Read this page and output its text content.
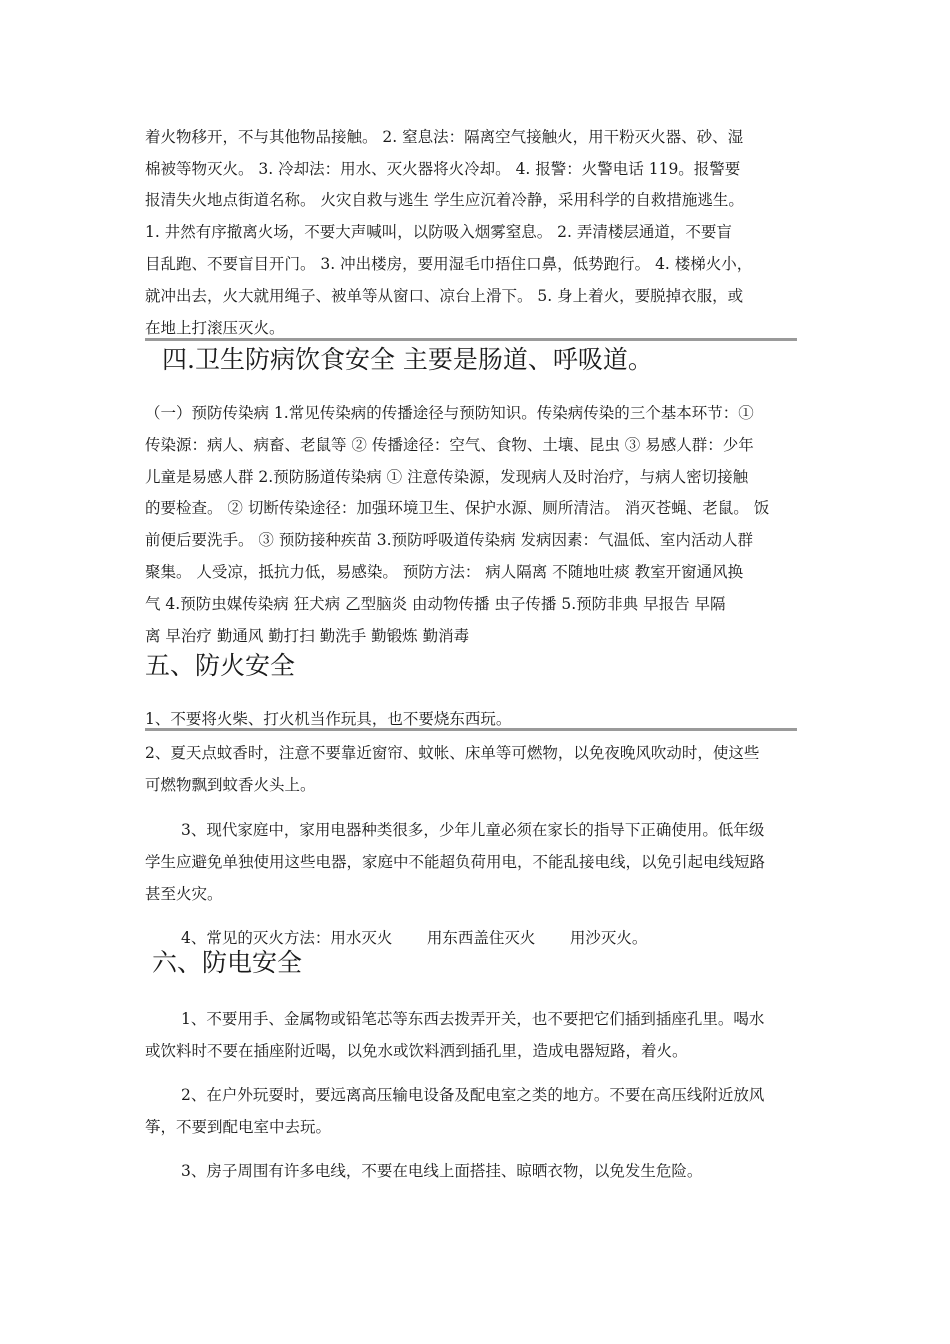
着火物移开，不与其他物品接触。 2. 窒息法：隔离空气接触火，用干粉灭火器、砂、湿
棉被等物灭火。 3. 冷却法：用水、灭火器将火冷却。 4. 报警：火警电话 119。报警要
报清失火地点街道名称。 火灾自救与逃生 学生应沉着冷静，采用科学的自救措施逃生。
1. 井然有序撤离火场，不要大声喊叫，以防吸入烟雾窒息。 2. 弄清楼层通道，不要盲
目乱跑、不要盲目开门。 3. 冲出楼房，要用湿毛巾捂住口鼻，低势跑行。 4. 楼梯火小，
就冲出去，火大就用绳子、被单等从窗口、凉台上滑下。 5. 身上着火，要脱掉衣服，或
在地上打滚压灭火。
四.卫生防病饮食安全 主要是肠道、呼吸道。
（一）预防传染病 1.常见传染病的传播途径与预防知识。传染病传染的三个基本环节：①
传染源：病人、病畜、老鼠等 ② 传播途径：空气、食物、土壤、昆虫 ③ 易感人群：少年
儿童是易感人群 2.预防肠道传染病 ① 注意传染源，发现病人及时治疗，与病人密切接触
的要检查。 ② 切断传染途径：加强环境卫生、保护水源、厕所清洁。 消灭苍蝇、老鼠。 饭
前便后要洗手。 ③ 预防接种疾苗 3.预防呼吸道传染病 发病因素：气温低、室内活动人群
聚集。 人受凉，抵抗力低，易感染。 预防方法： 病人隔离 不随地吐痰 教室开窗通风换
气 4.预防虫媒传染病 狂犬病 乙型脑炎 由动物传播 虫子传播 5.预防非典 早报告 早隔
离 早治疗 勤通风 勤打扫 勤洗手 勤锻炼 勤消毒
五、防火安全
1、不要将火柴、打火机当作玩具，也不要烧东西玩。
2、夏天点蚊香时，注意不要靠近窗帘、蚊帐、床单等可燃物，以免夜晚风吹动时，使这些
可燃物飘到蚊香火头上。
3、现代家庭中，家用电器种类很多，少年儿童必须在家长的指导下正确使用。低年级
学生应避免单独使用这些电器，家庭中不能超负荷用电，不能乱接电线，以免引起电线短路
甚至火灾。
4、常见的灭火方法：用水灭火       用东西盖住灭火       用沙灭火。
六、防电安全
1、不要用手、金属物或铅笔芯等东西去拨弄开关，也不要把它们插到插座孔里。喝水
或饮料时不要在插座附近喝，以免水或饮料洒到插孔里，造成电器短路，着火。
2、在户外玩耍时，要远离高压输电设备及配电室之类的地方。不要在高压线附近放风
筝，不要到配电室中去玩。
3、房子周围有许多电线，不要在电线上面搭挂、晾晒衣物，以免发生危险。
